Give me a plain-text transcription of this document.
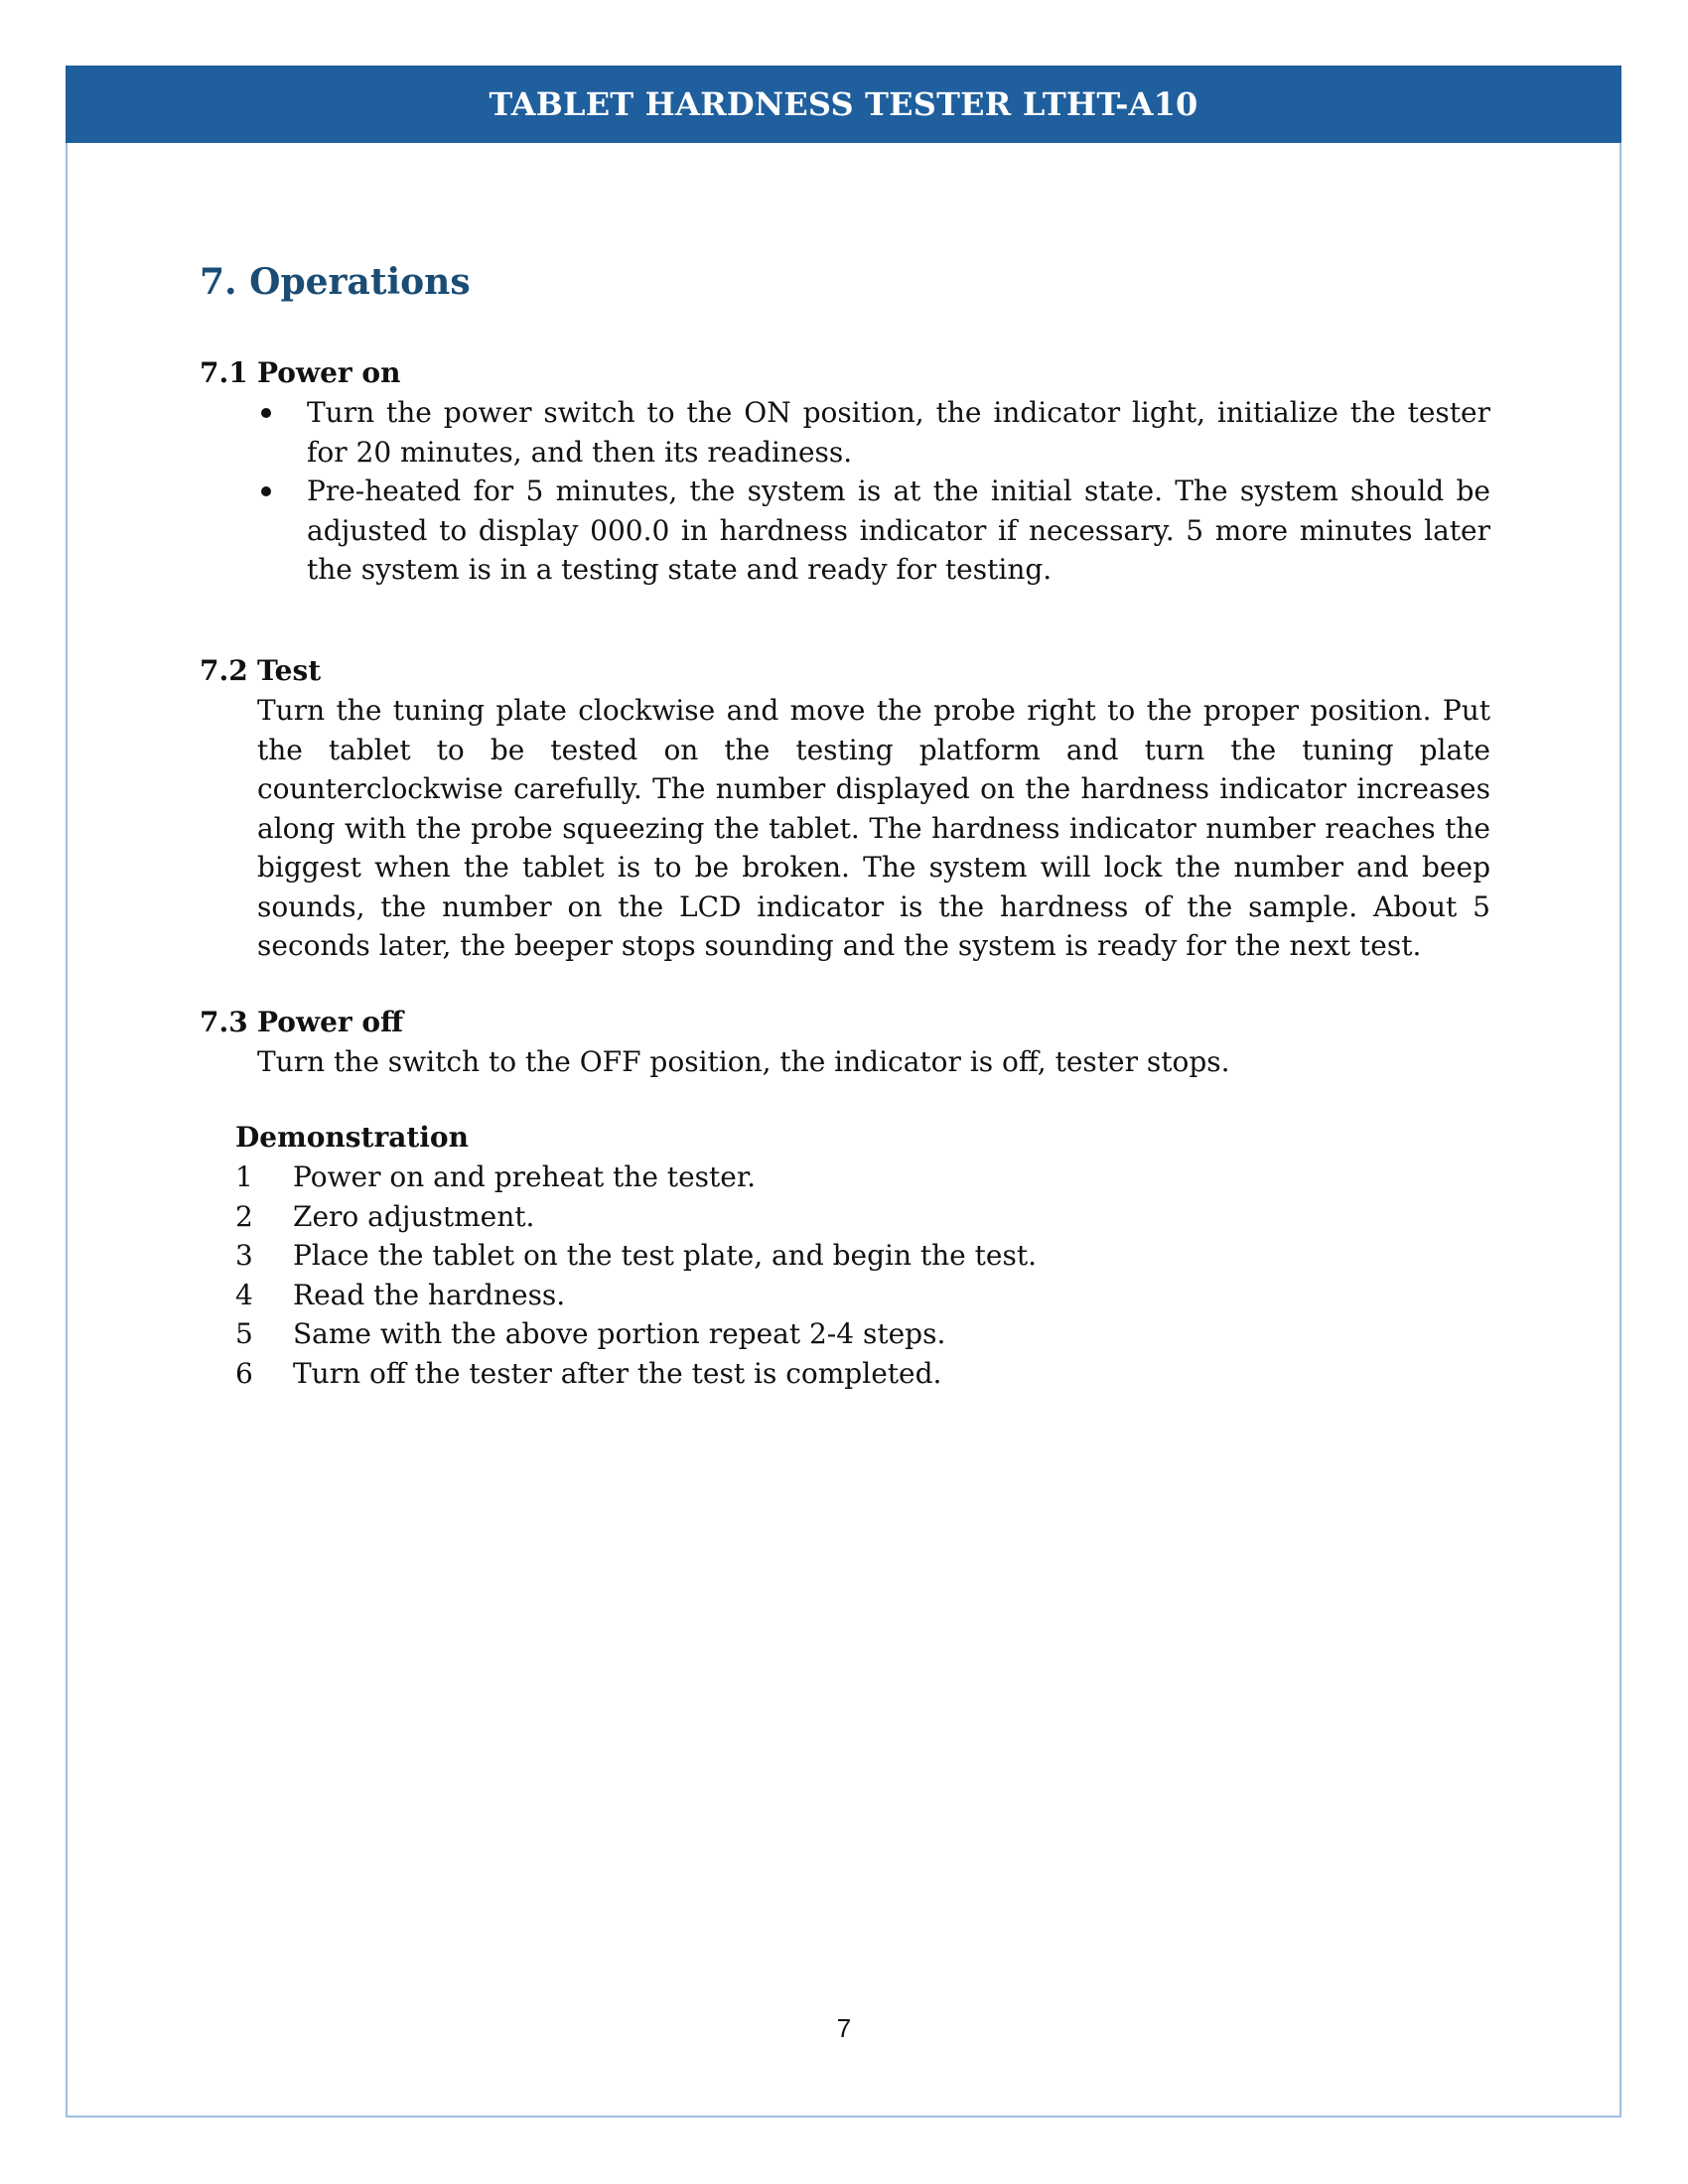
TABLET HARDNESS TESTER LTHT-A10
7. Operations
7.1 Power on
Turn the power switch to the ON position, the indicator light, initialize the tester for 20 minutes, and then its readiness.
Pre-heated for 5 minutes, the system is at the initial state. The system should be adjusted to display 000.0 in hardness indicator if necessary. 5 more minutes later the system is in a testing state and ready for testing.
7.2 Test

Turn the tuning plate clockwise and move the probe right to the proper position. Put the tablet to be tested on the testing platform and turn the tuning plate counterclockwise carefully. The number displayed on the hardness indicator increases along with the probe squeezing the tablet. The hardness indicator number reaches the biggest when the tablet is to be broken. The system will lock the number and beep sounds, the number on the LCD indicator is the hardness of the sample. About 5 seconds later, the beeper stops sounding and the system is ready for the next test.

7.3 Power off

Turn the switch to the OFF position, the indicator is off, tester stops.

Demonstration
1	Power on and preheat the tester.
2	Zero adjustment.
3	Place the tablet on the test plate, and begin the test.
4	Read the hardness.
5	Same with the above portion repeat 2-4 steps.
6	Turn off the tester after the test is completed.
7
